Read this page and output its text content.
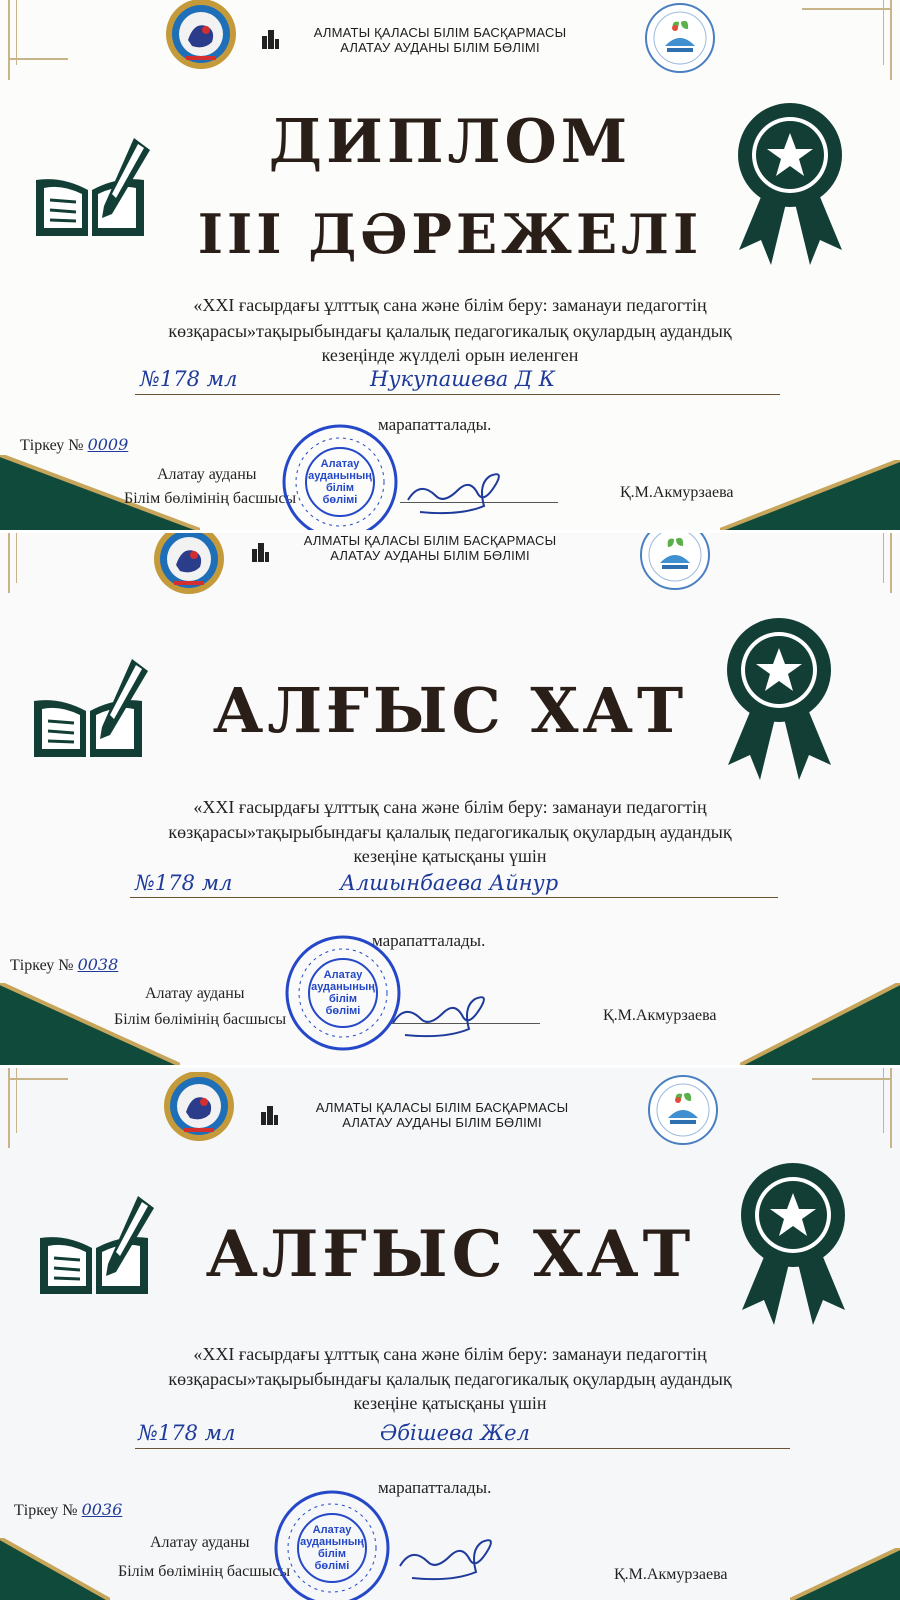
АЛМАТЫ ҚАЛАСЫ БІЛІМ БАСҚАРМАСЫ
АЛАТАУ АУДАНЫ БІЛІМ БӨЛІМІ
ДИПЛОМ
III ДӘРЕЖЕЛІ
«XXI ғасырдағы ұлттық сана және білім беру: заманауи педагогтің
көзқарасы»тақырыбындағы қалалық педагогикалық оқулардың аудандық
кезеңінде жүлделі орын иеленген
№178 мл	Нукупашева Д К
марапатталады.
Тіркеу № 0009
Алатау ауданы
Білім бөлімінің басшысы	Қ.М.Акмурзаева
Алатау
ауданының
білім
бөлімі
АЛМАТЫ ҚАЛАСЫ БІЛІМ БАСҚАРМАСЫ
АЛАТАУ АУДАНЫ БІЛІМ БӨЛІМІ
АЛҒЫС ХАТ
«XXI ғасырдағы ұлттық сана және білім беру: заманауи педагогтің
көзқарасы»тақырыбындағы қалалық педагогикалық оқулардың аудандық
кезеңіне қатысқаны үшін
№178 мл	Алшынбаева Айнур
марапатталады.
Тіркеу № 0038
Алатау ауданы
Білім бөлімінің басшысы	Қ.М.Акмурзаева
Алатау
ауданының
білім
бөлімі
АЛМАТЫ ҚАЛАСЫ БІЛІМ БАСҚАРМАСЫ
АЛАТАУ АУДАНЫ БІЛІМ БӨЛІМІ
АЛҒЫС ХАТ
«XXI ғасырдағы ұлттық сана және білім беру: заманауи педагогтің
көзқарасы»тақырыбындағы қалалық педагогикалық оқулардың аудандық
кезеңіне қатысқаны үшін
№178 мл	Әбішева Жел
марапатталады.
Тіркеу № 0036
Алатау ауданы
Білім бөлімінің басшысы	Қ.М.Акмурзаева
Алатау
ауданының
білім
бөлімі
